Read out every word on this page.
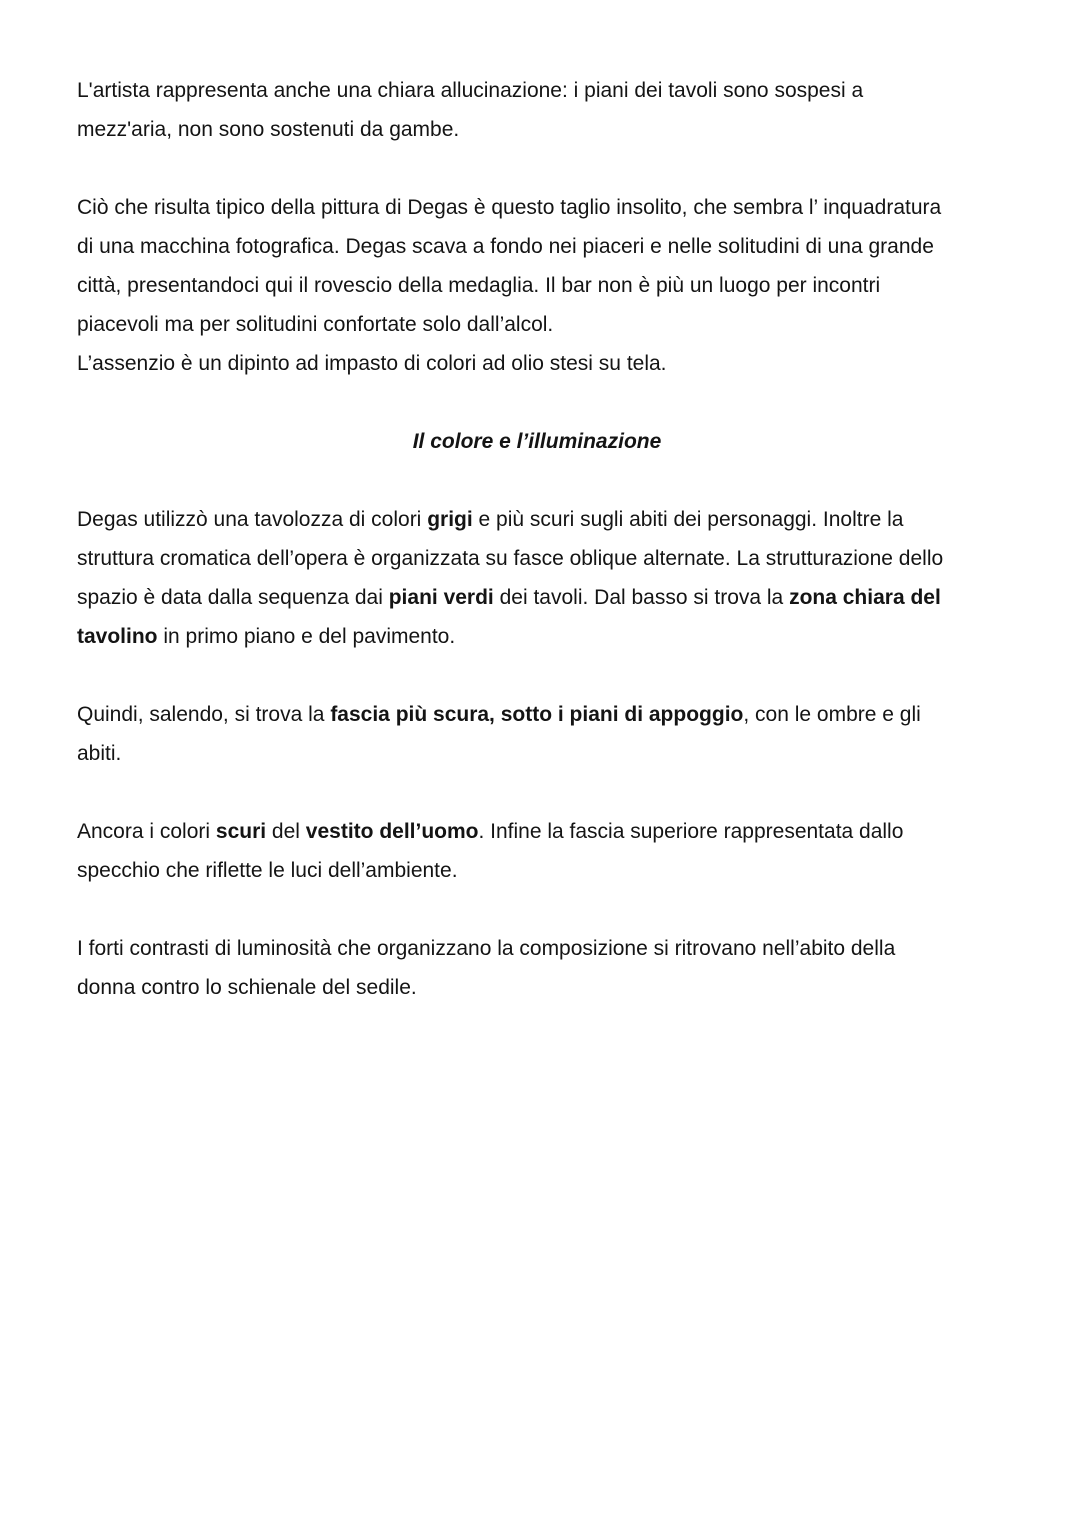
L'artista rappresenta anche una chiara allucinazione: i piani dei tavoli sono sospesi a
mezz'aria, non sono sostenuti da gambe.

Ciò che risulta tipico della pittura di Degas è questo taglio insolito, che sembra l’ inquadratura
di una macchina fotografica. Degas scava a fondo nei piaceri e nelle solitudini di una grande
città, presentandoci qui il rovescio della medaglia. Il bar non è più un luogo per incontri
piacevoli ma per solitudini confortate solo dall’alcol.
L’assenzio è un dipinto ad impasto di colori ad olio stesi su tela.

Il colore e l’illuminazione

Degas utilizzò una tavolozza di colori grigi e più scuri sugli abiti dei personaggi. Inoltre la
struttura cromatica dell’opera è organizzata su fasce oblique alternate. La strutturazione dello
spazio è data dalla sequenza dai piani verdi dei tavoli. Dal basso si trova la zona chiara del
tavolino in primo piano e del pavimento.

Quindi, salendo, si trova la fascia più scura, sotto i piani di appoggio, con le ombre e gli
abiti.

Ancora i colori scuri del vestito dell’uomo. Infine la fascia superiore rappresentata dallo
specchio che riflette le luci dell’ambiente.

I forti contrasti di luminosità che organizzano la composizione si ritrovano nell’abito della
donna contro lo schienale del sedile.
